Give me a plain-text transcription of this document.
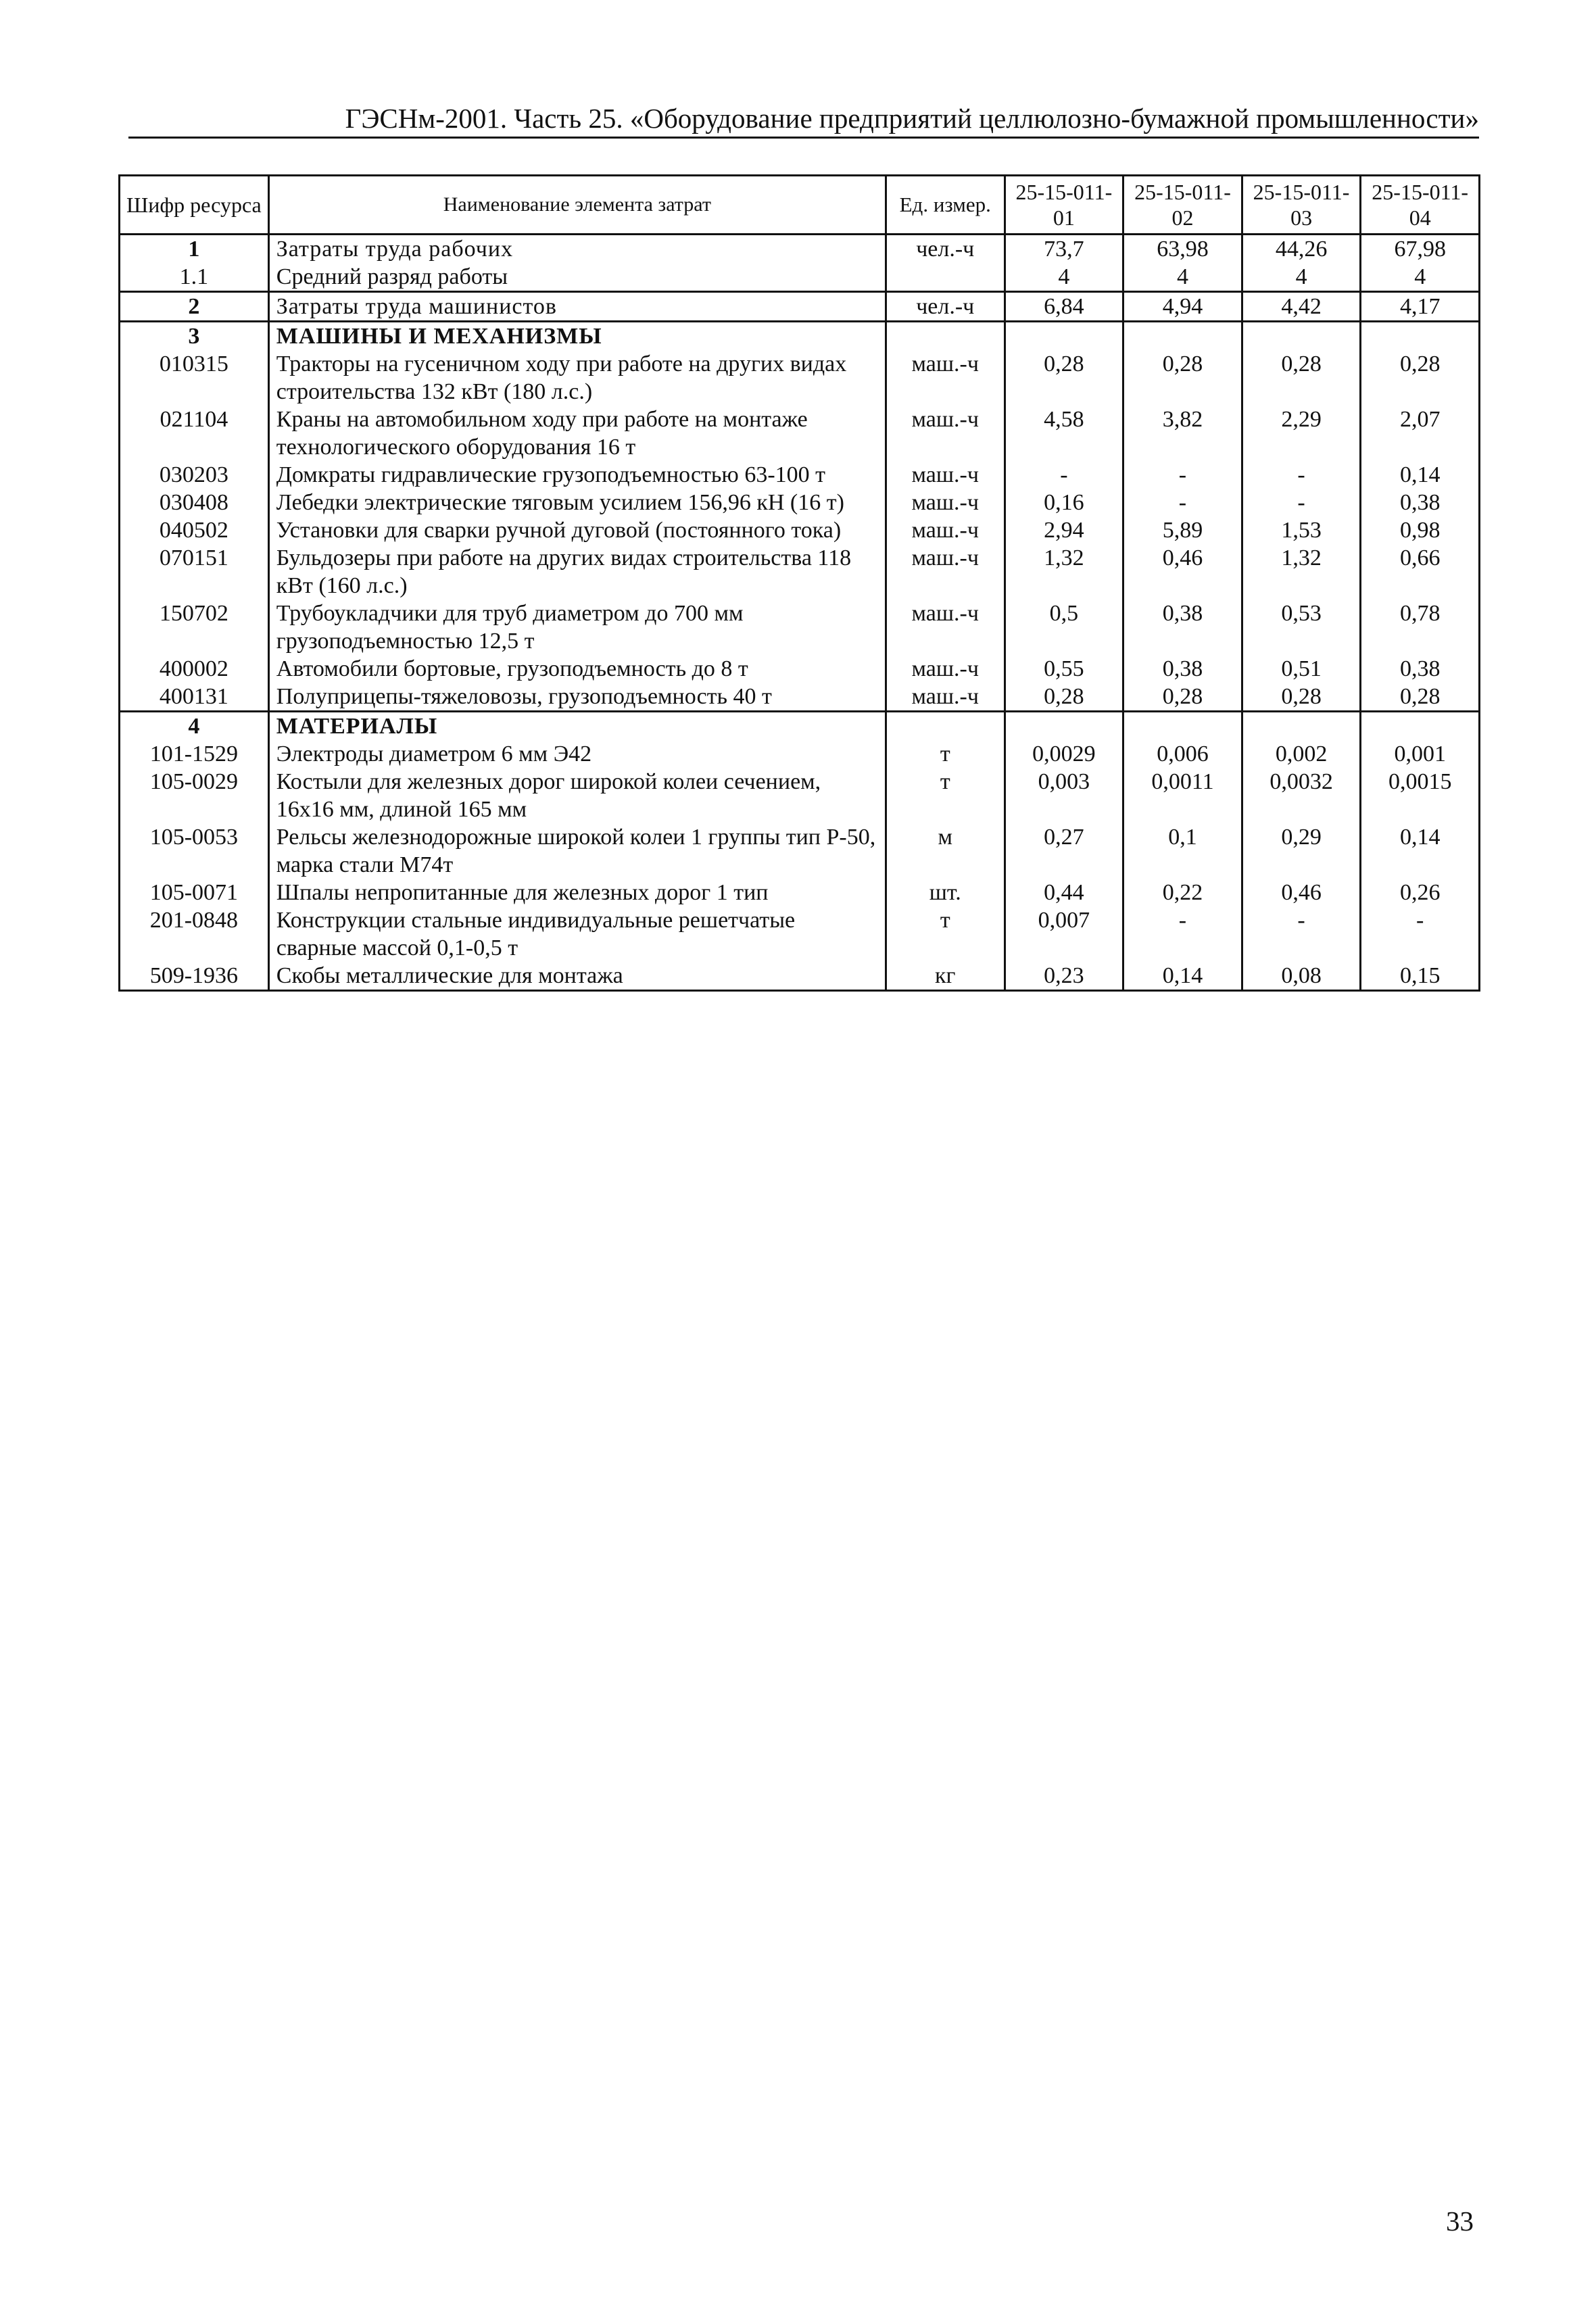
ГЭСНм-2001. Часть 25. «Оборудование предприятий целлюлозно-бумажной промышленности»
Шифр ресурса	Наименование элемента затрат	Ед. измер.	25-15-011-01	25-15-011-02	25-15-011-03	25-15-011-04
1	Затраты труда рабочих	чел.-ч	73,7	63,98	44,26	67,98
1.1	Средний разряд работы		4	4	4	4
2	Затраты труда машинистов	чел.-ч	6,84	4,94	4,42	4,17
3	МАШИНЫ И МЕХАНИЗМЫ					
010315	Тракторы на гусеничном ходу при работе на других видах строительства 132 кВт (180 л.с.)	маш.-ч	0,28	0,28	0,28	0,28
021104	Краны на автомобильном ходу при работе на монтаже технологического оборудования 16 т	маш.-ч	4,58	3,82	2,29	2,07
030203	Домкраты гидравлические грузоподъемностью 63-100 т	маш.-ч	-	-	-	0,14
030408	Лебедки электрические тяговым усилием 156,96 кН (16 т)	маш.-ч	0,16	-	-	0,38
040502	Установки для сварки ручной дуговой (постоянного тока)	маш.-ч	2,94	5,89	1,53	0,98
070151	Бульдозеры при работе на других видах строительства 118 кВт (160 л.с.)	маш.-ч	1,32	0,46	1,32	0,66
150702	Трубоукладчики для труб диаметром до 700 мм грузоподъемностью 12,5 т	маш.-ч	0,5	0,38	0,53	0,78
400002	Автомобили бортовые, грузоподъемность до 8 т	маш.-ч	0,55	0,38	0,51	0,38
400131	Полуприцепы-тяжеловозы, грузоподъемность 40 т	маш.-ч	0,28	0,28	0,28	0,28
4	МАТЕРИАЛЫ					
101-1529	Электроды диаметром 6 мм Э42	т	0,0029	0,006	0,002	0,001
105-0029	Костыли для железных дорог широкой колеи сечением, 16х16 мм, длиной 165 мм	т	0,003	0,0011	0,0032	0,0015
105-0053	Рельсы железнодорожные широкой колеи 1 группы тип Р-50, марка стали М74т	м	0,27	0,1	0,29	0,14
105-0071	Шпалы непропитанные для железных дорог 1 тип	шт.	0,44	0,22	0,46	0,26
201-0848	Конструкции стальные индивидуальные решетчатые сварные массой 0,1-0,5 т	т	0,007	-	-	-
509-1936	Скобы металлические для монтажа	кг	0,23	0,14	0,08	0,15
33
